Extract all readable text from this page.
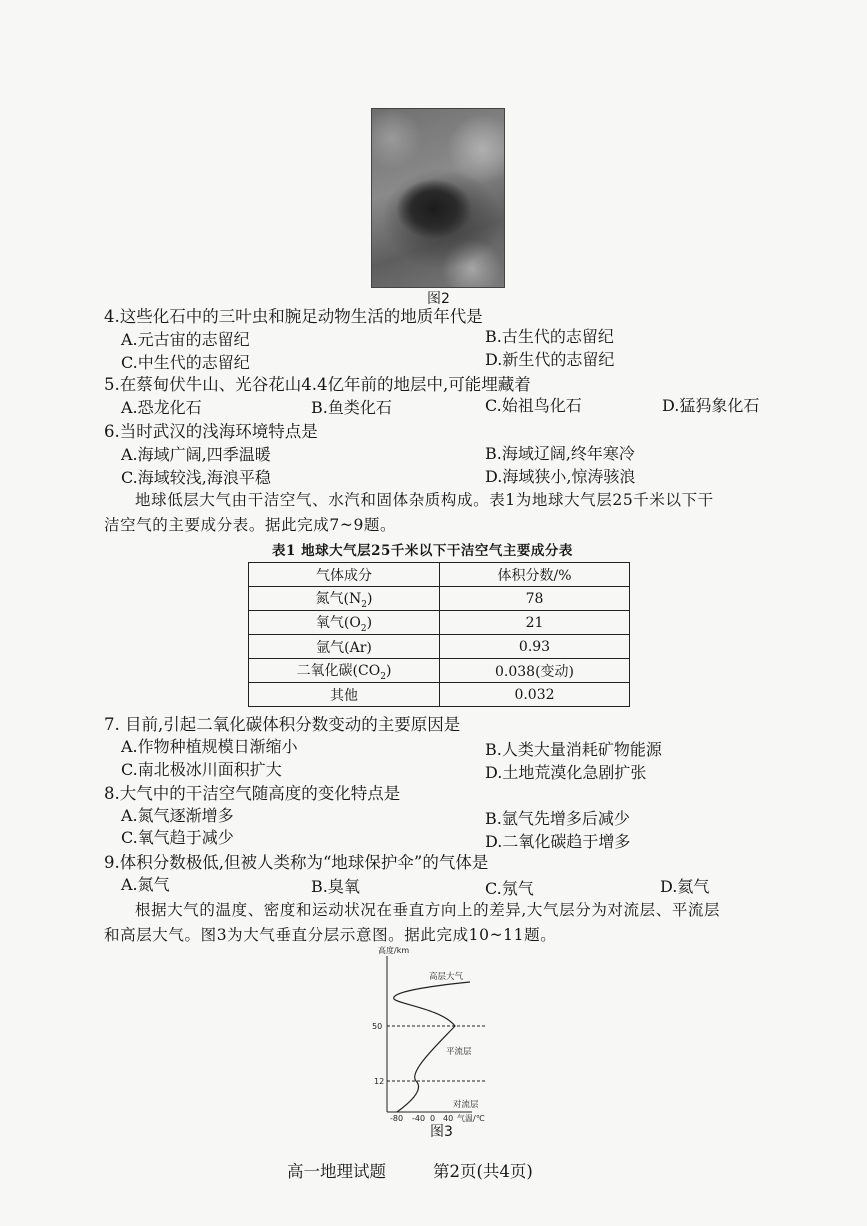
图2
4.这些化石中的三叶虫和腕足动物生活的地质年代是
A.元古宙的志留纪	B.古生代的志留纪
C.中生代的志留纪	D.新生代的志留纪
5.在蔡甸伏牛山、光谷花山4.4亿年前的地层中,可能埋藏着
A.恐龙化石	B.鱼类化石	C.始祖鸟化石	D.猛犸象化石
6.当时武汉的浅海环境特点是
A.海域广阔,四季温暖	B.海域辽阔,终年寒冷
C.海域较浅,海浪平稳	D.海域狭小,惊涛骇浪
地球低层大气由干洁空气、水汽和固体杂质构成。表1为地球大气层25千米以下干
洁空气的主要成分表。据此完成7~9题。
表1 地球大气层25千米以下干洁空气主要成分表
气体成分	体积分数/%
氮气$(N_2)$	78
氧气$(O_2)$	21
氩气(Ar)	0.93
二氧化碳$(CO_2)$	0.038(变动)
其他	0.032
7. 目前,引起二氧化碳体积分数变动的主要原因是
A.作物种植规模日渐缩小	B.人类大量消耗矿物能源
C.南北极冰川面积扩大	D.土地荒漠化急剧扩张
8.大气中的干洁空气随高度的变化特点是
A.氮气逐渐增多	B.氩气先增多后减少
C.氧气趋于减少	D.二氧化碳趋于增多
9.体积分数极低,但被人类称为“地球保护伞”的气体是
A.氮气	B.臭氧	C.氖气	D.氦气
根据大气的温度、密度和运动状况在垂直方向上的差异,大气层分为对流层、平流层
和高层大气。图3为大气垂直分层示意图。据此完成10~11题。
高度/km
50
12
高层大气
平流层
对流层
-80 -40 0 40 气温/℃
图3
高一地理试题	第2页(共4页)
